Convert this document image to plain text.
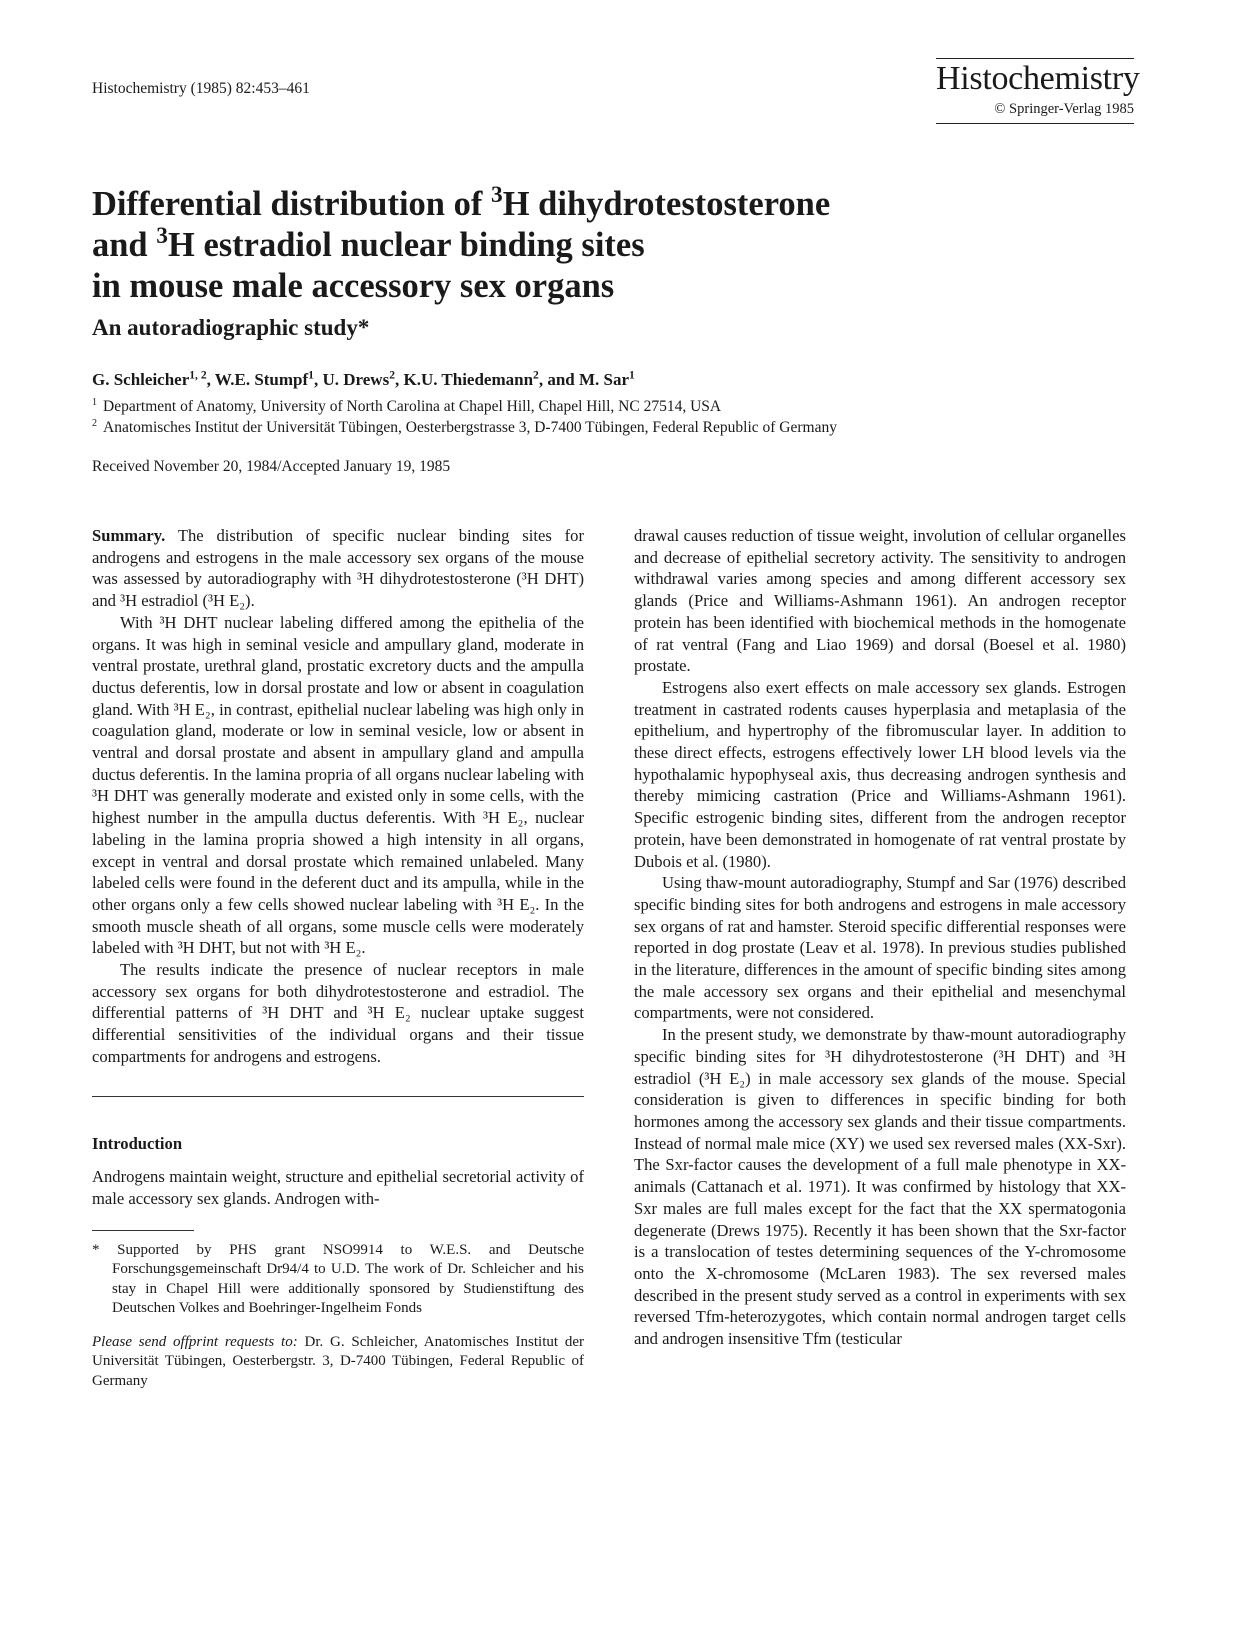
Histochemistry (1985) 82:453–461	Histochemistry
© Springer-Verlag 1985
Differential distribution of $^3$H dihydrotestosterone
and $^3$H estradiol nuclear binding sites
in mouse male accessory sex organs
An autoradiographic study*
G. Schleicher$^{1, 2}$, W.E. Stumpf$^1$, U. Drews$^2$, K.U. Thiedemann$^2$, and M. Sar$^1$
$^1$ Department of Anatomy, University of North Carolina at Chapel Hill, Chapel Hill, NC 27514, USA
$^2$ Anatomisches Institut der Universität Tübingen, Oesterbergstrasse 3, D-7400 Tübingen, Federal Republic of Germany
Received November 20, 1984/Accepted January 19, 1985

Summary. The distribution of specific nuclear binding sites for androgens and estrogens in the male accessory sex organs of the mouse was assessed by autoradiography with ³H dihydrotestosterone (³H DHT) and ³H estradiol (³H E₂).

With ³H DHT nuclear labeling differed among the epithelia of the organs. It was high in seminal vesicle and ampullary gland, moderate in ventral prostate, urethral gland, prostatic excretory ducts and the ampulla ductus deferentis, low in dorsal prostate and low or absent in coagulation gland. With ³H E₂, in contrast, epithelial nuclear labeling was high only in coagulation gland, moderate or low in seminal vesicle, low or absent in ventral and dorsal prostate and absent in ampullary gland and ampulla ductus deferentis. In the lamina propria of all organs nuclear labeling with ³H DHT was generally moderate and existed only in some cells, with the highest number in the ampulla ductus deferentis. With ³H E₂, nuclear labeling in the lamina propria showed a high intensity in all organs, except in ventral and dorsal prostate which remained unlabeled. Many labeled cells were found in the deferent duct and its ampulla, while in the other organs only a few cells showed nuclear labeling with ³H E₂. In the smooth muscle sheath of all organs, some muscle cells were moderately labeled with ³H DHT, but not with ³H E₂.

The results indicate the presence of nuclear receptors in male accessory sex organs for both dihydrotestosterone and estradiol. The differential patterns of ³H DHT and ³H E₂ nuclear uptake suggest differential sensitivities of the individual organs and their tissue compartments for androgens and estrogens.

Introduction

Androgens maintain weight, structure and epithelial secretorial activity of male accessory sex glands. Androgen with-

* Supported by PHS grant NSO9914 to W.E.S. and Deutsche Forschungsgemeinschaft Dr94/4 to U.D. The work of Dr. Schleicher and his stay in Chapel Hill were additionally sponsored by Studienstiftung des Deutschen Volkes and Boehringer-Ingelheim Fonds

Please send offprint requests to: Dr. G. Schleicher, Anatomisches Institut der Universität Tübingen, Oesterbergstr. 3, D-7400 Tübingen, Federal Republic of Germany

drawal causes reduction of tissue weight, involution of cellular organelles and decrease of epithelial secretory activity. The sensitivity to androgen withdrawal varies among species and among different accessory sex glands (Price and Williams-Ashmann 1961). An androgen receptor protein has been identified with biochemical methods in the homogenate of rat ventral (Fang and Liao 1969) and dorsal (Boesel et al. 1980) prostate.

Estrogens also exert effects on male accessory sex glands. Estrogen treatment in castrated rodents causes hyperplasia and metaplasia of the epithelium, and hypertrophy of the fibromuscular layer. In addition to these direct effects, estrogens effectively lower LH blood levels via the hypothalamic hypophyseal axis, thus decreasing androgen synthesis and thereby mimicing castration (Price and Williams-Ashmann 1961). Specific estrogenic binding sites, different from the androgen receptor protein, have been demonstrated in homogenate of rat ventral prostate by Dubois et al. (1980).

Using thaw-mount autoradiography, Stumpf and Sar (1976) described specific binding sites for both androgens and estrogens in male accessory sex organs of rat and hamster. Steroid specific differential responses were reported in dog prostate (Leav et al. 1978). In previous studies published in the literature, differences in the amount of specific binding sites among the male accessory sex organs and their epithelial and mesenchymal compartments, were not considered.

In the present study, we demonstrate by thaw-mount autoradiography specific binding sites for ³H dihydrotestosterone (³H DHT) and ³H estradiol (³H E₂) in male accessory sex glands of the mouse. Special consideration is given to differences in specific binding for both hormones among the accessory sex glands and their tissue compartments. Instead of normal male mice (XY) we used sex reversed males (XX-Sxr). The Sxr-factor causes the development of a full male phenotype in XX-animals (Cattanach et al. 1971). It was confirmed by histology that XX-Sxr males are full males except for the fact that the XX spermatogonia degenerate (Drews 1975). Recently it has been shown that the Sxr-factor is a translocation of testes determining sequences of the Y-chromosome onto the X-chromosome (McLaren 1983). The sex reversed males described in the present study served as a control in experiments with sex reversed Tfm-heterozygotes, which contain normal androgen target cells and androgen insensitive Tfm (testicular
